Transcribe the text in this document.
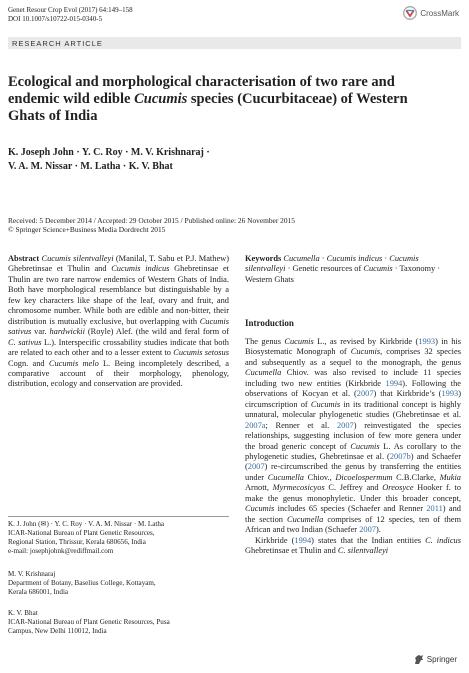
Genet Resour Crop Evol (2017) 64:149–158
DOI 10.1007/s10722-015-0340-5
CrossMark
RESEARCH ARTICLE
Ecological and morphological characterisation of two rare and endemic wild edible Cucumis species (Cucurbitaceae) of Western Ghats of India
K. Joseph John · Y. C. Roy · M. V. Krishnaraj ·
V. A. M. Nissar · M. Latha · K. V. Bhat
Received: 5 December 2014 / Accepted: 29 October 2015 / Published online: 26 November 2015
© Springer Science+Business Media Dordrecht 2015
Abstract Cucumis silentvalleyi (Manilal, T. Sabu et P.J. Mathew) Ghebretinsae et Thulin and Cucumis indicus Ghebretinsae et Thulin are two rare narrow endemics of Western Ghats of India. Both have morphological resemblance but distinguishable by a few key characters like shape of the leaf, ovary and fruit, and chromosome number. While both are edible and non-bitter, their distribution is mutually exclusive, but overlapping with Cucumis sativus var. hardwickii (Royle) Alef. (the wild and feral form of C. sativus L.). Interspecific crossability studies indicate that both are related to each other and to a lesser extent to Cucumis setosus Cogn. and Cucumis melo L. Being incompletely described, a comparative account of their morphology, phenology, distribution, ecology and conservation are provided.
Keywords Cucumella · Cucumis indicus · Cucumis silentvalleyi · Genetic resources of Cucumis · Taxonomy · Western Ghats
Introduction

The genus Cucumis L., as revised by Kirkbride (1993) in his Biosystematic Monograph of Cucumis, comprises 32 species and subsequently as a sequel to the monograph, the genus Cucumella Chiov. was also revised to include 11 species including two new entities (Kirkbride 1994). Following the observations of Kocyan et al. (2007) that Kirkbride’s (1993) circumscription of Cucumis in its traditional concept is highly unnatural, molecular phylogenetic studies (Ghebretinsae et al. 2007a; Renner et al. 2007) reinvestigated the species relationships, suggesting inclusion of few more genera under the broad generic concept of Cucumis L. As corollary to the phylogenetic studies, Ghebretinsae et al. (2007b) and Schaefer (2007) re-circumscribed the genus by transferring the entities under Cucumella Chiov., Dicoelospermum C.B.Clarke, Mukia Arnott, Myrmecosicyos C. Jeffrey and Oreosyce Hooker f. to make the genus monophyletic. Under this broader concept, Cucumis includes 65 species (Schaefer and Renner 2011) and the section Cucumella comprises of 12 species, ten of them African and two Indian (Schaefer 2007).

Kirkbride (1994) states that the Indian entities C. indicus Ghebretinsae et Thulin and C. silentvalleyi

K. J. John (✉) · Y. C. Roy · V. A. M. Nissar · M. Latha
ICAR-National Bureau of Plant Genetic Resources,
Regional Station, Thrissur, Kerala 680656, India
e-mail: josephjohnk@rediffmail.com
M. V. Krishnaraj
Department of Botany, Baselius College, Kottayam,
Kerala 686001, India
K. V. Bhat
ICAR-National Bureau of Plant Genetic Resources, Pusa
Campus, New Delhi 110012, India
Springer
